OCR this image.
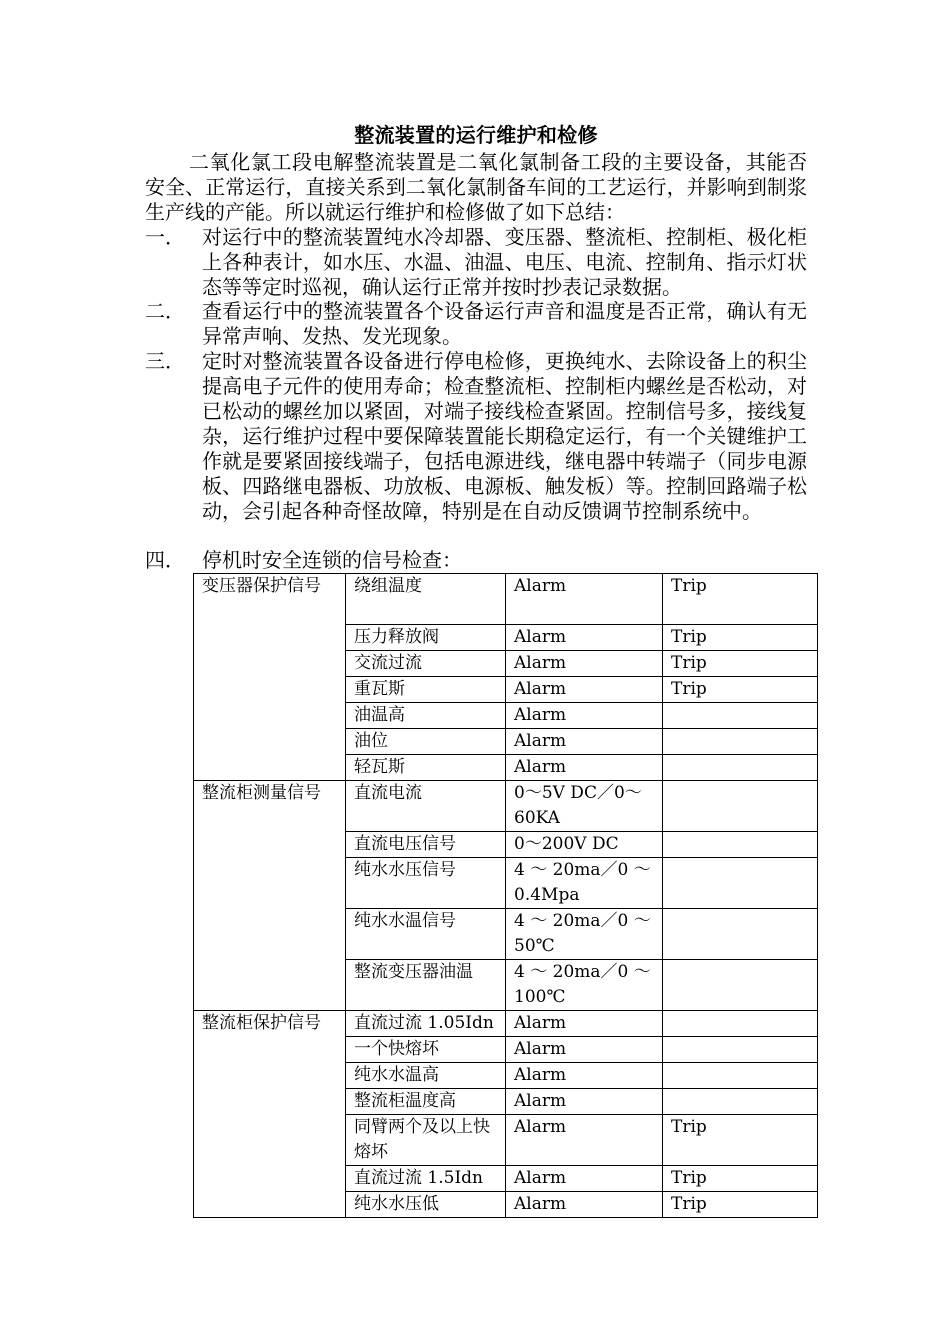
整流装置的运行维护和检修
二氧化氯工段电解整流装置是二氧化氯制备工段的主要设备，其能否安全、正常运行，直接关系到二氧化氯制备车间的工艺运行，并影响到制浆生产线的产能。所以就运行维护和检修做了如下总结：
一． 对运行中的整流装置纯水冷却器、变压器、整流柜、控制柜、极化柜上各种表计，如水压、水温、油温、电压、电流、控制角、指示灯状态等等定时巡视，确认运行正常并按时抄表记录数据。
二． 查看运行中的整流装置各个设备运行声音和温度是否正常，确认有无异常声响、发热、发光现象。
三． 定时对整流装置各设备进行停电检修，更换纯水、去除设备上的积尘提高电子元件的使用寿命；检查整流柜、控制柜内螺丝是否松动，对已松动的螺丝加以紧固，对端子接线检查紧固。控制信号多，接线复杂，运行维护过程中要保障装置能长期稳定运行，有一个关键维护工作就是要紧固接线端子，包括电源进线，继电器中转端子（同步电源板、四路继电器板、功放板、电源板、触发板）等。控制回路端子松动，会引起各种奇怪故障，特别是在自动反馈调节控制系统中。
四． 停机时安全连锁的信号检查：
变压器保护信号	绕组温度	Alarm	Trip
	压力释放阀	Alarm	Trip
	交流过流	Alarm	Trip
	重瓦斯	Alarm	Trip
	油温高	Alarm	
	油位	Alarm	
	轻瓦斯	Alarm	
整流柜测量信号	直流电流	0～5V DC／0～60KA	
	直流电压信号	0～200V DC	
	纯水水压信号	4 ～ 20ma／0 ～0.4Mpa	
	纯水水温信号	4 ～ 20ma／0 ～50℃	
	整流变压器油温	4 ～ 20ma／0 ～100℃	
整流柜保护信号	直流过流 1.05Idn	Alarm	
	一个快熔坏	Alarm	
	纯水水温高	Alarm	
	整流柜温度高	Alarm	
	同臂两个及以上快熔坏	Alarm	Trip
	直流过流 1.5Idn	Alarm	Trip
	纯水水压低	Alarm	Trip
